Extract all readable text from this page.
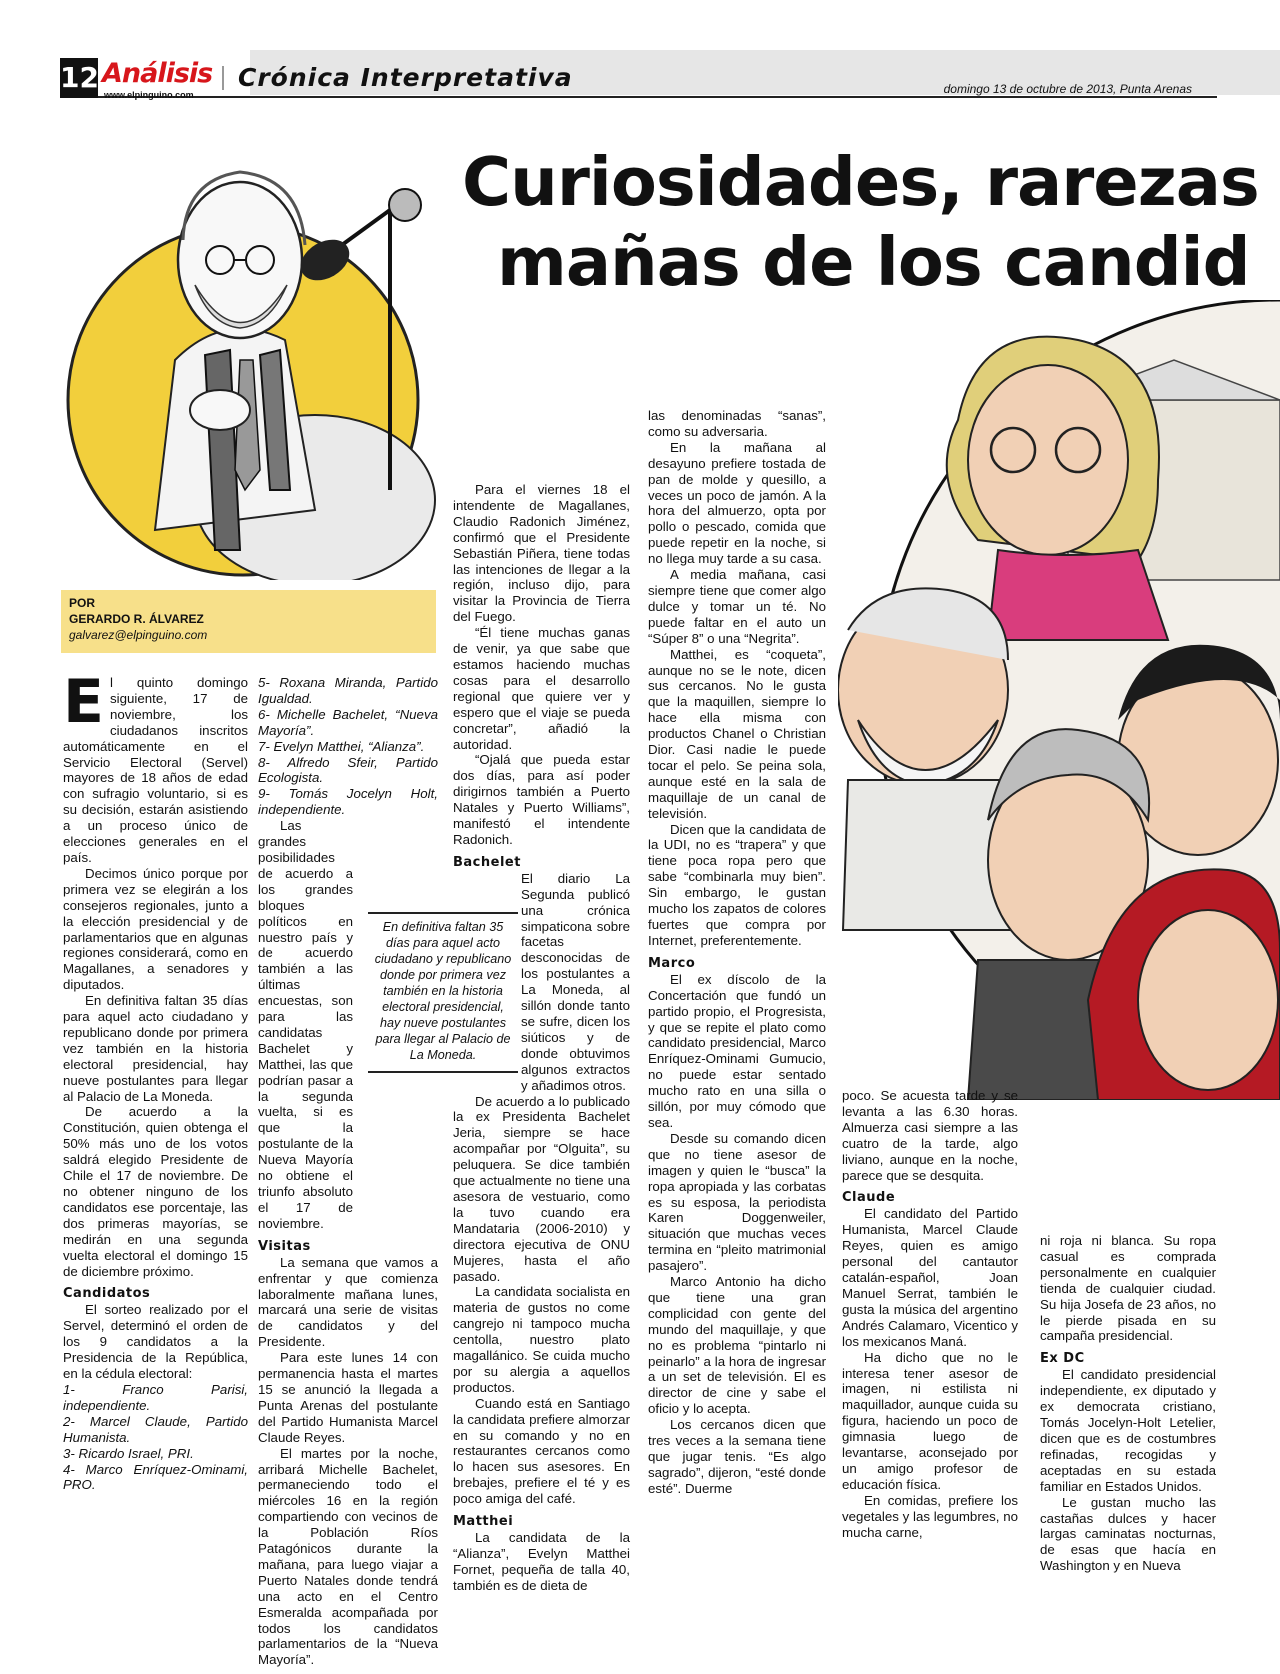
12 Análisis
www.elpinguino.com
Crónica Interpretativa	domingo 13 de octubre de 2013, Punta Arenas
Curiosidades, rarezas
mañas de los candid
POR
GERARDO R. ÁLVAREZ
galvarez@elpinguino.com

El quinto domingo siguiente, 17 de noviembre, los ciudadanos inscritos automáticamente en el Servicio Electoral (Servel) mayores de 18 años de edad con sufragio voluntario, si es su decisión, estarán asistiendo a un proceso único de elecciones generales en el país.

Decimos único porque por primera vez se elegirán a los consejeros regionales, junto a la elección presidencial y de parlamentarios que en algunas regiones considerará, como en Magallanes, a senadores y diputados.

En definitiva faltan 35 días para aquel acto ciudadano y republicano donde por primera vez también en la historia electoral presidencial, hay nueve postulantes para llegar al Palacio de La Moneda.

De acuerdo a la Constitución, quien obtenga el 50% más uno de los votos saldrá elegido Presidente de Chile el 17 de noviembre. De no obtener ninguno de los candidatos ese porcentaje, las dos primeras mayorías, se medirán en una segunda vuelta electoral el domingo 15 de diciembre próximo.

Candidatos

El sorteo realizado por el Servel, determinó el orden de los 9 candidatos a la Presidencia de la República, en la cédula electoral:

1- Franco Parisi, independiente.

2- Marcel Claude, Partido Humanista.

3- Ricardo Israel, PRI.

4- Marco Enríquez-Ominami, PRO.

5- Roxana Miranda, Partido Igualdad.

6- Michelle Bachelet, “Nueva Mayoría”.

7- Evelyn Matthei, “Alianza”.

8- Alfredo Sfeir, Partido Ecologista.

9- Tomás Jocelyn Holt, independiente.

Las grandes posibilidades de acuerdo a los grandes bloques políticos en nuestro país y de acuerdo también a las últimas encuestas, son para las candidatas Bachelet y Matthei, las que podrían pasar a la segunda vuelta, si es que la postulante de la Nueva Mayoría no obtiene el triunfo absoluto el 17 de noviembre.

Visitas

La semana que vamos a enfrentar y que comienza laboralmente mañana lunes, marcará una serie de visitas de candidatos y del Presidente.

Para este lunes 14 con permanencia hasta el martes 15 se anunció la llegada a Punta Arenas del postulante del Partido Humanista Marcel Claude Reyes.

El martes por la noche, arribará Michelle Bachelet, permaneciendo todo el miércoles 16 en la región compartiendo con vecinos de la Población Ríos Patagónicos durante la mañana, para luego viajar a Puerto Natales donde tendrá una acto en el Centro Esmeralda acompañada por todos los candidatos parlamentarios de la “Nueva Mayoría”.

Para el viernes 18 el intendente de Magallanes, Claudio Radonich Jiménez, confirmó que el Presidente Sebastián Piñera, tiene todas las intenciones de llegar a la región, incluso dijo, para visitar la Provincia de Tierra del Fuego.

“Él tiene muchas ganas de venir, ya que sabe que estamos haciendo muchas cosas para el desarrollo regional que quiere ver y espero que el viaje se pueda concretar”, añadió la autoridad.

“Ojalá que pueda estar dos días, para así poder dirigirnos también a Puerto Natales y Puerto Williams”, manifestó el intendente Radonich.

Bachelet

El diario La Segunda publicó una crónica simpaticona sobre facetas desconocidas de los postulantes a La Moneda, al sillón donde tanto se sufre, dicen los siúticos y de donde obtuvimos algunos extractos y añadimos otros.

De acuerdo a lo publicado la ex Presidenta Bachelet Jeria, siempre se hace acompañar por “Olguita”, su peluquera. Se dice también que actualmente no tiene una asesora de vestuario, como la tuvo cuando era Mandataria (2006-2010) y directora ejecutiva de ONU Mujeres, hasta el año pasado.

La candidata socialista en materia de gustos no come cangrejo ni tampoco mucha centolla, nuestro plato magallánico. Se cuida mucho por su alergia a aquellos productos.

Cuando está en Santiago la candidata prefiere almorzar en su comando y no en restaurantes cercanos como lo hacen sus asesores. En brebajes, prefiere el té y es poco amiga del café.

Matthei

La candidata de la “Alianza”, Evelyn Matthei Fornet, pequeña de talla 40, también es de dieta de

En definitiva faltan 35 días para aquel acto ciudadano y republicano donde por primera vez también en la historia electoral presidencial, hay nueve postulantes para llegar al Palacio de La Moneda.

las denominadas “sanas”, como su adversaria.

En la mañana al desayuno prefiere tostada de pan de molde y quesillo, a veces un poco de jamón. A la hora del almuerzo, opta por pollo o pescado, comida que puede repetir en la noche, si no llega muy tarde a su casa.

A media mañana, casi siempre tiene que comer algo dulce y tomar un té. No puede faltar en el auto un “Súper 8” o una “Negrita”.

Matthei, es “coqueta”, aunque no se le note, dicen sus cercanos. No le gusta que la maquillen, siempre lo hace ella misma con productos Chanel o Christian Dior. Casi nadie le puede tocar el pelo. Se peina sola, aunque esté en la sala de maquillaje de un canal de televisión.

Dicen que la candidata de la UDI, no es “trapera” y que tiene poca ropa pero que sabe “combinarla muy bien”. Sin embargo, le gustan mucho los zapatos de colores fuertes que compra por Internet, preferentemente.

Marco

El ex díscolo de la Concertación que fundó un partido propio, el Progresista, y que se repite el plato como candidato presidencial, Marco Enríquez-Ominami Gumucio, no puede estar sentado mucho rato en una silla o sillón, por muy cómodo que sea.

Desde su comando dicen que no tiene asesor de imagen y quien le “busca” la ropa apropiada y las corbatas es su esposa, la periodista Karen Doggenweiler, situación que muchas veces termina en “pleito matrimonial pasajero”.

Marco Antonio ha dicho que tiene una gran complicidad con gente del mundo del maquillaje, y que no es problema “pintarlo ni peinarlo” a la hora de ingresar a un set de televisión. El es director de cine y sabe el oficio y lo acepta.

Los cercanos dicen que tres veces a la semana tiene que jugar tenis. “Es algo sagrado”, dijeron, “esté donde esté”. Duerme

poco. Se acuesta tarde y se levanta a las 6.30 horas. Almuerza casi siempre a las cuatro de la tarde, algo liviano, aunque en la noche, parece que se desquita.

Claude

El candidato del Partido Humanista, Marcel Claude Reyes, quien es amigo personal del cantautor catalán-español, Joan Manuel Serrat, también le gusta la música del argentino Andrés Calamaro, Vicentico y los mexicanos Maná.

Ha dicho que no le interesa tener asesor de imagen, ni estilista ni maquillador, aunque cuida su figura, haciendo un poco de gimnasia luego de levantarse, aconsejado por un amigo profesor de educación física.

En comidas, prefiere los vegetales y las legumbres, no mucha carne,

ni roja ni blanca. Su ropa casual es comprada personalmente en cualquier tienda de cualquier ciudad. Su hija Josefa de 23 años, no le pierde pisada en su campaña presidencial.

Ex DC

El candidato presidencial independiente, ex diputado y ex democrata cristiano, Tomás Jocelyn-Holt Letelier, dicen que es de costumbres refinadas, recogidas y aceptadas en su estada familiar en Estados Unidos.

Le gustan mucho las castañas dulces y hacer largas caminatas nocturnas, de esas que hacía en Washington y en Nueva
